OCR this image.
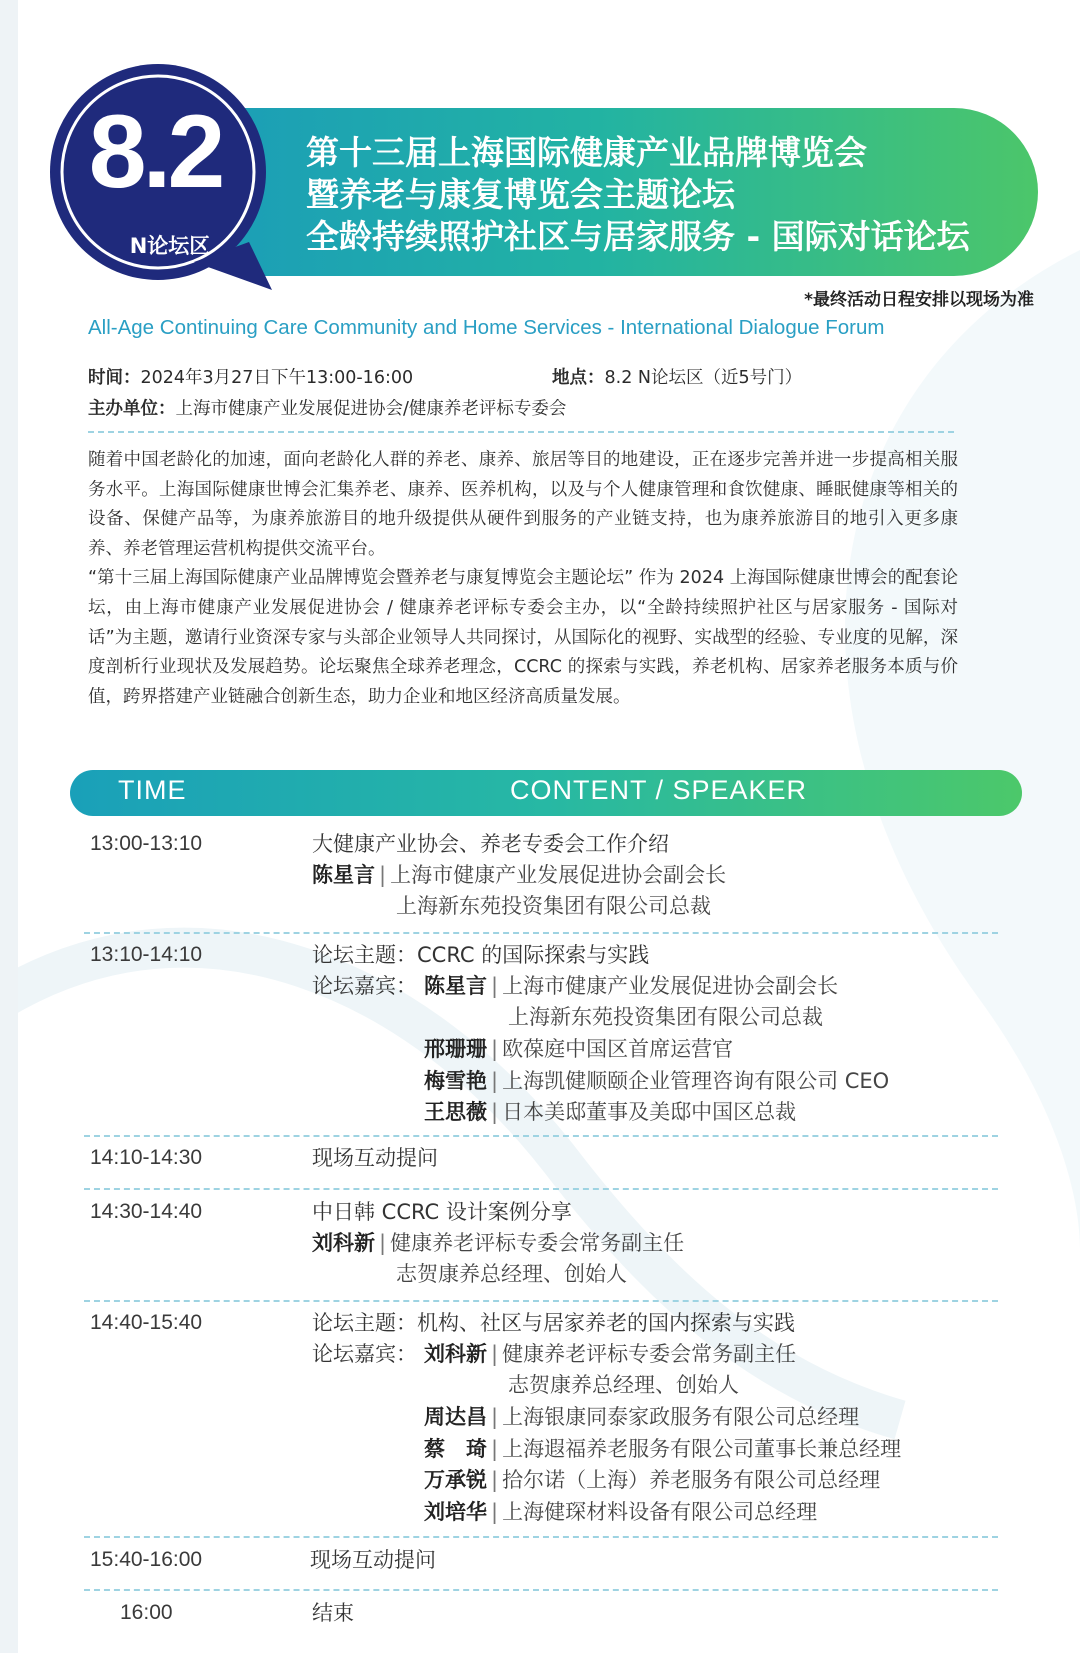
8.2
N论坛区
第十三届上海国际健康产业品牌博览会
暨养老与康复博览会主题论坛
全龄持续照护社区与居家服务 - 国际对话论坛
*最终活动日程安排以现场为准
All-Age Continuing Care Community and Home Services - International Dialogue Forum
时间：2024年3月27日下午13:00-16:00	地点：8.2 N论坛区（近5号门）
主办单位：上海市健康产业发展促进协会/健康养老评标专委会

随着中国老龄化的加速，面向老龄化人群的养老、康养、旅居等目的地建设，正在逐步完善并进一步提高相关服务水平。上海国际健康世博会汇集养老、康养、医养机构，以及与个人健康管理和食饮健康、睡眠健康等相关的设备、保健产品等，为康养旅游目的地升级提供从硬件到服务的产业链支持，也为康养旅游目的地引入更多康养、养老管理运营机构提供交流平台。

“第十三届上海国际健康产业品牌博览会暨养老与康复博览会主题论坛” 作为 2024 上海国际健康世博会的配套论坛，由上海市健康产业发展促进协会 / 健康养老评标专委会主办，以“全龄持续照护社区与居家服务 - 国际对话”为主题，邀请行业资深专家与头部企业领导人共同探讨，从国际化的视野、实战型的经验、专业度的见解，深度剖析行业现状及发展趋势。论坛聚焦全球养老理念，CCRC 的探索与实践，养老机构、居家养老服务本质与价值，跨界搭建产业链融合创新生态，助力企业和地区经济高质量发展。

TIME	CONTENT / SPEAKER
13:00-13:10	大健康产业协会、养老专委会工作介绍
陈星言 | 上海市健康产业发展促进协会副会长
上海新东苑投资集团有限公司总裁
13:10-14:10	论坛主题：CCRC 的国际探索与实践
论坛嘉宾： 陈星言 | 上海市健康产业发展促进协会副会长
上海新东苑投资集团有限公司总裁
邢珊珊 | 欧葆庭中国区首席运营官
梅雪艳 | 上海凯健顺颐企业管理咨询有限公司 CEO
王思薇 | 日本美邸董事及美邸中国区总裁
14:10-14:30	现场互动提问
14:30-14:40	中日韩 CCRC 设计案例分享
刘科新 | 健康养老评标专委会常务副主任
志贺康养总经理、创始人
14:40-15:40	论坛主题：机构、社区与居家养老的国内探索与实践
论坛嘉宾： 刘科新 | 健康养老评标专委会常务副主任
志贺康养总经理、创始人
周达昌 | 上海银康同泰家政服务有限公司总经理
蔡　琦 | 上海遐福养老服务有限公司董事长兼总经理
万承锐 | 拾尔诺（上海）养老服务有限公司总经理
刘培华 | 上海健琛材料设备有限公司总经理
15:40-16:00	现场互动提问
16:00	结束
